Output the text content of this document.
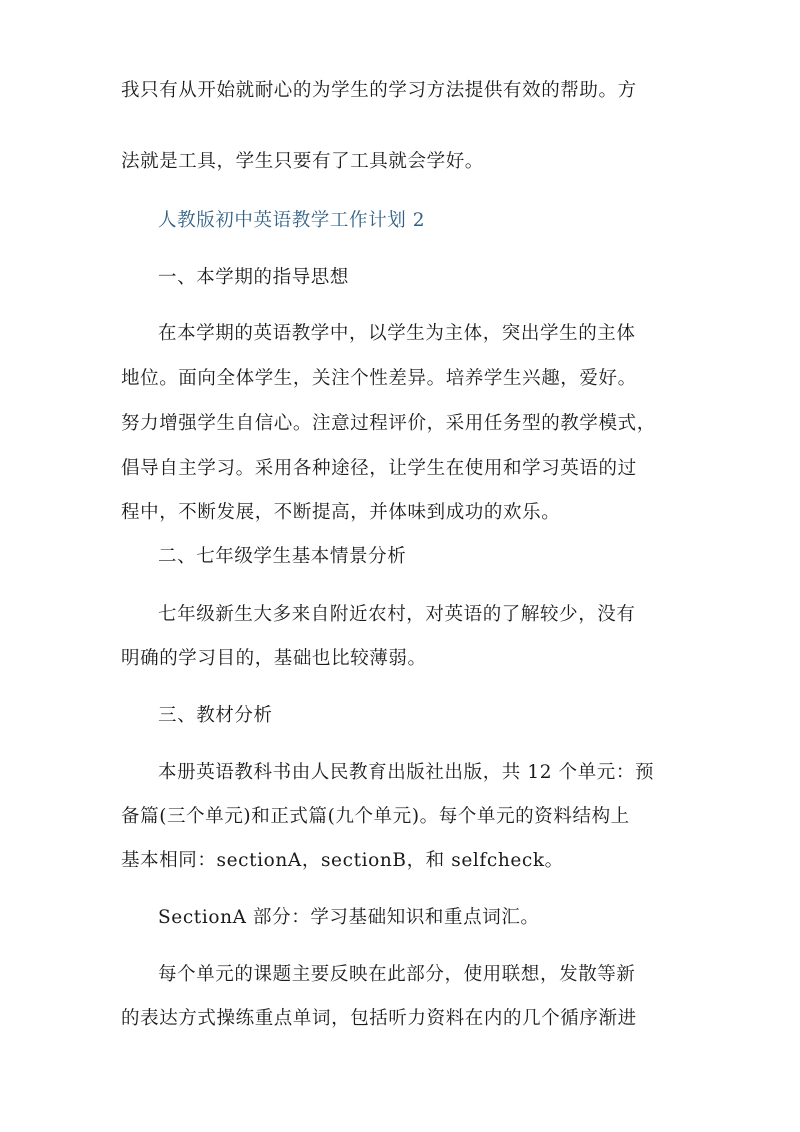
我只有从开始就耐心的为学生的学习方法提供有效的帮助。方
法就是工具，学生只要有了工具就会学好。
人教版初中英语教学工作计划 2
一、本学期的指导思想
在本学期的英语教学中，以学生为主体，突出学生的主体
地位。面向全体学生，关注个性差异。培养学生兴趣，爱好。
努力增强学生自信心。注意过程评价，采用任务型的教学模式，
倡导自主学习。采用各种途径，让学生在使用和学习英语的过
程中，不断发展，不断提高，并体味到成功的欢乐。
二、七年级学生基本情景分析
七年级新生大多来自附近农村，对英语的了解较少，没有
明确的学习目的，基础也比较薄弱。
三、教材分析
本册英语教科书由人民教育出版社出版，共 12 个单元：预
备篇(三个单元)和正式篇(九个单元)。每个单元的资料结构上
基本相同：sectionA，sectionB，和 selfcheck。
SectionA 部分：学习基础知识和重点词汇。
每个单元的课题主要反映在此部分，使用联想，发散等新
的表达方式操练重点单词，包括听力资料在内的几个循序渐进
